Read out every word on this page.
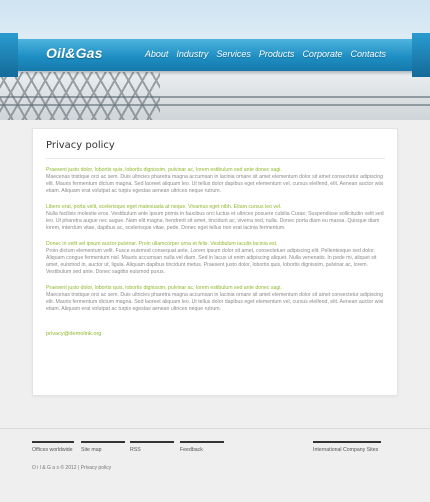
Oil&Gas	About Industry Services Products Corporate Contacts
Privacy policy

Praesent justo dolor, lobortis quis, lobortis dignissim, pulvinar ac, lorem estibulum sed ante donec sagi.

Maecenas tristique orci ac sem. Duis ultricies pharetra magna accumsan in lacinia ornare sit amet elementum dolor sit amet consectetur adipiscing elit. Mauris fermentum dictum magna. Sed laoreet aliquam leo. Ut tellus dolor dapibus eget elementum vel, cursus eleifend, elit. Aenean auctor wisi etiam. Aliquam erat volutpat ac turpis egestas aenean ultrices neque rutrum.

Libero erat, porta velit, scelerisque eget malesuada at neque. Vivamus eget nibh. Etiam cursus leo vel.

Nulla facilisis molestie eros. Vestibulum ante ipsum primis in faucibus orci luctus et ultrices posuere cubilia Curae; Suspendisse sollicitudin velit sed leo. Ut pharetra augue nec augue. Nam elit magna, hendrerit sit amet, tincidunt ac, viverra sed, nulla. Donec porta diam eu massa. Quisque diam lorem, interdum vitae, dapibus ac, scelerisque vitae, pede. Donec eget tellus non erat lacinia fermentum.

Donec in velit vel ipsum auctor pulvinar. Proin ullamcorper urna et felis. Vestibulum iaculis lacinia est.

Proin dictum elementum velit. Fusce euismod consequat ante. Lorem ipsum dolor sit amet, consectetuer adipiscing elit. Pellentesque sed dolor. Aliquam congue fermentum nisl. Mauris accumsan nulla vel diam. Sed in lacus ut enim adipiscing aliquet. Nulla venenatis. In pede mi, aliquet sit amet, euismod in, auctor ut, ligula. Aliquam dapibus tincidunt metus. Praesent justo dolor, lobortis quis, lobortis dignissim, pulvinar ac, lorem. Vestibulum sed ante. Donec sagittis euismod purus.

Praesent justo dolor, lobortis quis, lobortis dignissim, pulvinar ac, lorem estibulum sed ante donec sagi.

Maecenas tristique orci ac sem. Duis ultricies pharetra magna accumsan in lacinia ornare sit amet elementum dolor sit amet consectetur adipiscing elit. Mauris fermentum dictum magna. Sed laoreet aliquam leo. Ut tellus dolor dapibus eget elementum vel, cursus eleifend, elit. Aenean auctor wisi etiam. Aliquam erat volutpat ac turpis egestas aenean ultrices neque rutrum.

privacy@demolink.org
Offices worldwide Site map	RSS	Feedback	International Company Sites
O i l & G a s © 2012 | Privacy policy
